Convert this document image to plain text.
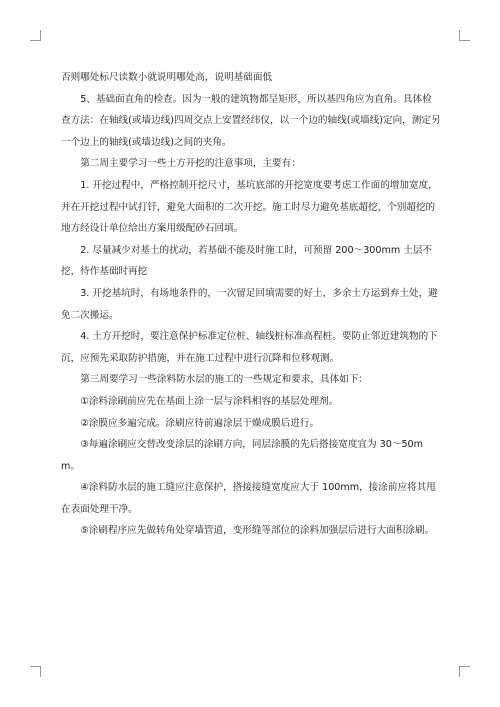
否则哪处标尺读数小就说明哪处高，说明基础面低

5、基础面直角的检查。因为一般的建筑物都呈矩形，所以基四角应为直角。具体检查方法：在轴线(或墙边线)四周交点上安置经纬仪，以一个边的轴线(或墙线)定向，测定另一个边上的轴线(或墙边线)之间的夹角。

第二周主要学习一些土方开挖的注意事项，主要有：

1. 开挖过程中，严格控制开挖尺寸，基坑底部的开挖宽度要考虑工作面的增加宽度，并在开挖过程中试打钎，避免大面积的二次开挖。施工时尽力避免基底超挖，个别超挖的地方经设计单位给出方案用级配砂石回填。

2. 尽量减少对基土的扰动，若基础不能及时施工时，可预留 200～300mm 土层不挖，待作基础时再挖

3. 开挖基坑时，有场地条件的，一次留足回填需要的好土，多余土方运到弃土处，避免二次搬运。

4. 土方开挖时，要注意保护标准定位桩、轴线桩标准高程桩。要防止邻近建筑物的下沉，应预先采取防护措施，并在施工过程中进行沉降和位移观测。

第三周要学习一些涂料防水层的施工的一些规定和要求，具体如下：

①涂料涂刷前应先在基面上涂一层与涂料相容的基层处理剂。

②涂膜应多遍完成。涂刷应待前遍涂层干燥成膜后进行。

③每遍涂刷应交替改变涂层的涂刷方向，同层涂膜的先后搭接宽度宜为 30～50mm。

④涂料防水层的施工缝应注意保护，搭接接缝宽度应大于 100mm，接涂前应将其甩在表面处理干净。

⑤涂刷程序应先做转角处穿墙管道，变形缝等部位的涂料加强层后进行大面积涂刷。
